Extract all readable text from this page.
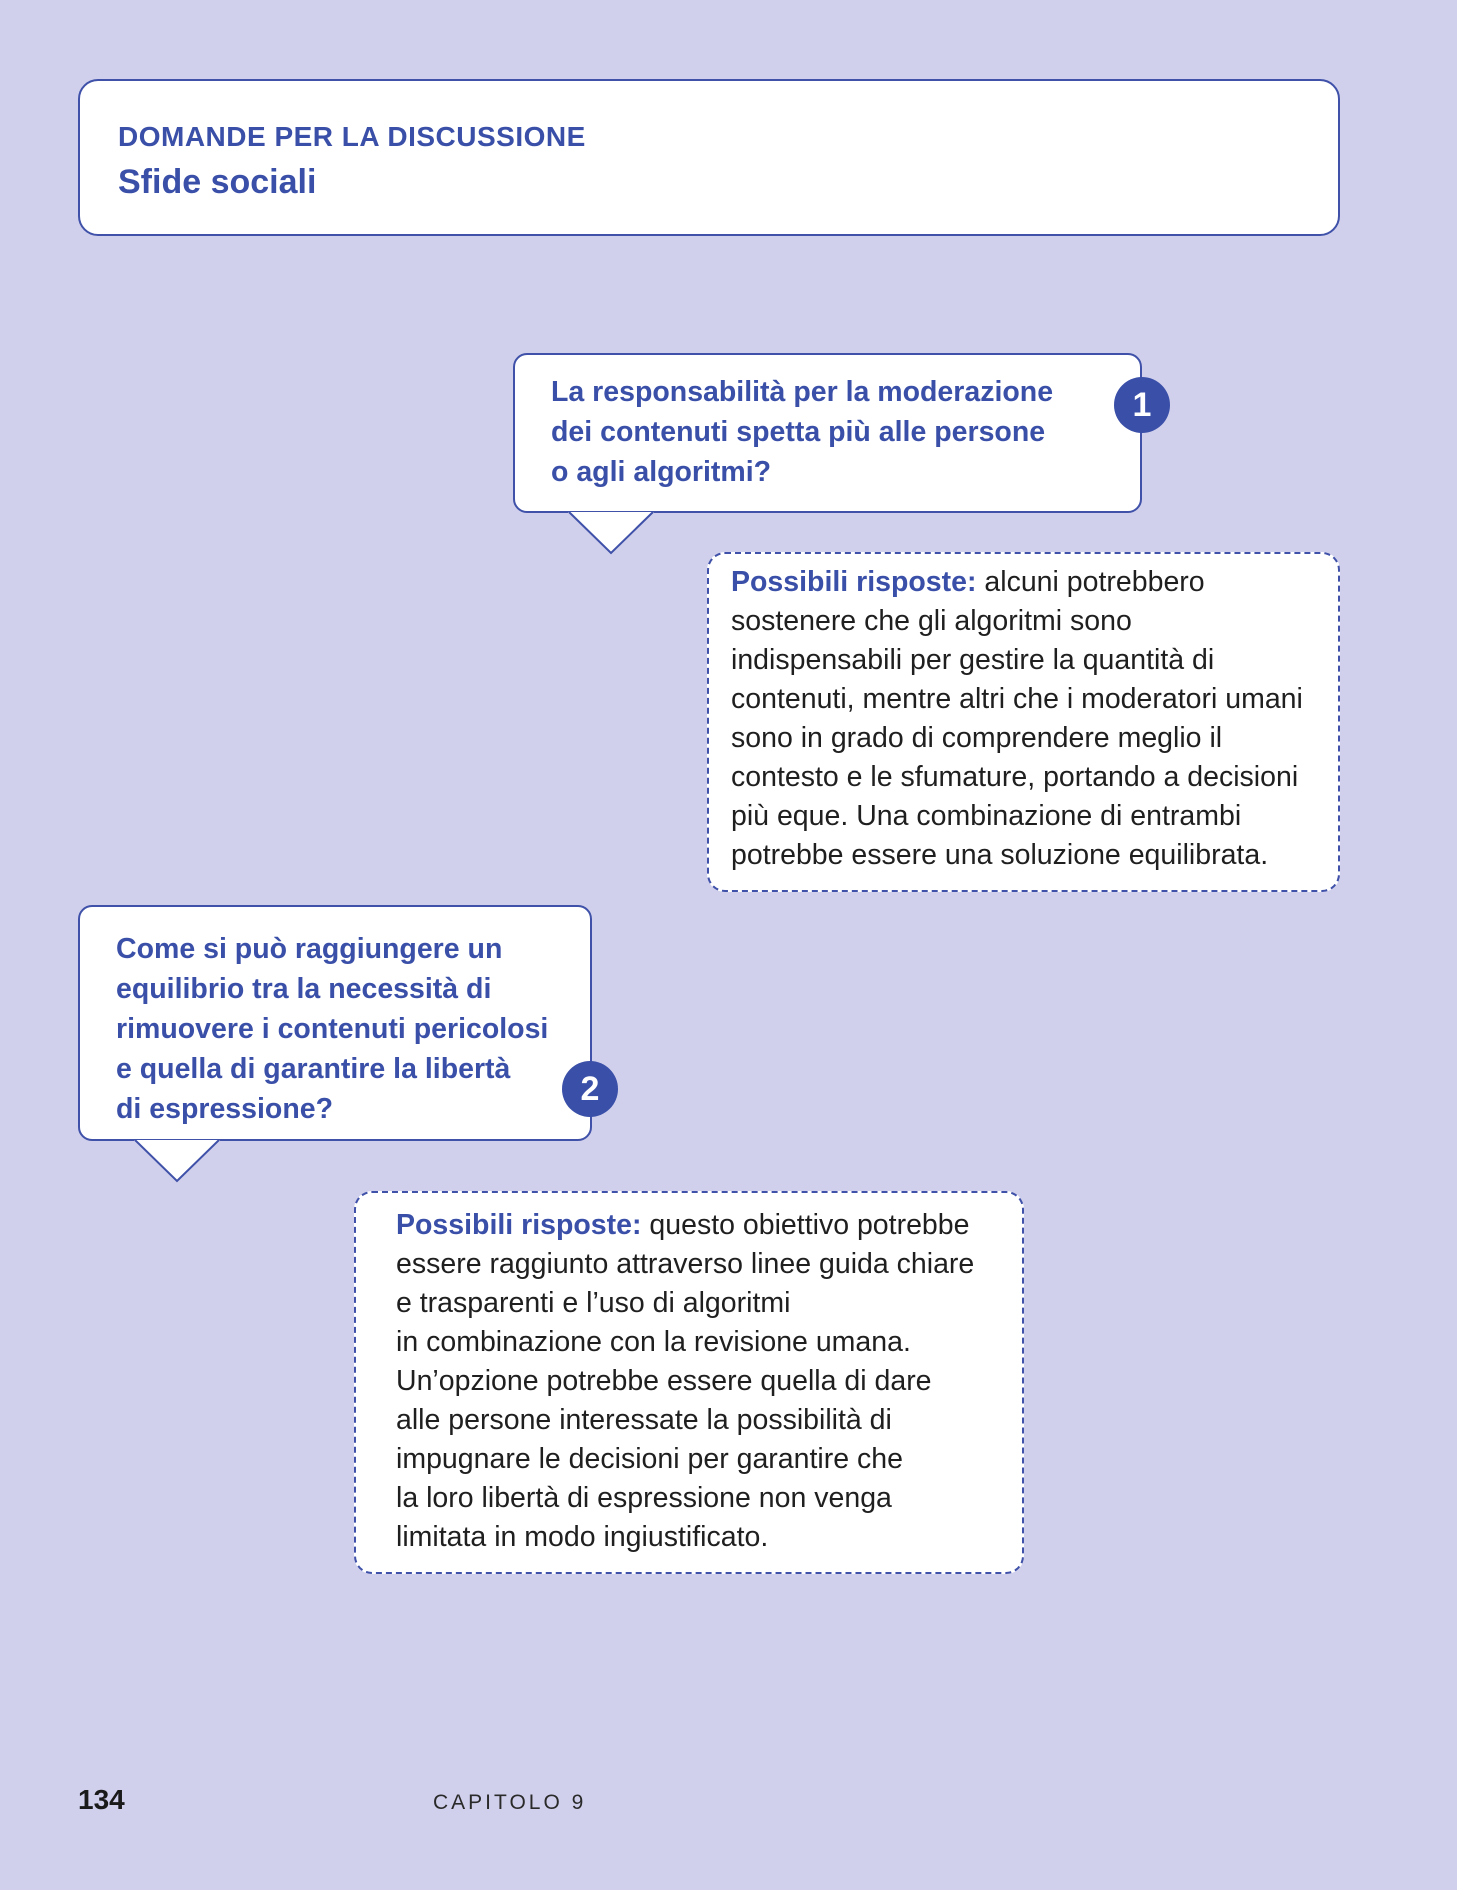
DOMANDE PER LA DISCUSSIONE
Sfide sociali
La responsabilità per la moderazione
dei contenuti spetta più alle persone
o agli algoritmi?
1
Possibili risposte: alcuni potrebbero
sostenere che gli algoritmi sono
indispensabili per gestire la quantità di
contenuti, mentre altri che i moderatori umani
sono in grado di comprendere meglio il
contesto e le sfumature, portando a decisioni
più eque. Una combinazione di entrambi
potrebbe essere una soluzione equilibrata.
Come si può raggiungere un
equilibrio tra la necessità di
rimuovere i contenuti pericolosi
e quella di garantire la libertà
di espressione?
2
Possibili risposte: questo obiettivo potrebbe
essere raggiunto attraverso linee guida chiare
e trasparenti e l’uso di algoritmi
in combinazione con la revisione umana.
Un’opzione potrebbe essere quella di dare
alle persone interessate la possibilità di
impugnare le decisioni per garantire che
la loro libertà di espressione non venga
limitata in modo ingiustificato.
134	CAPITOLO 9
